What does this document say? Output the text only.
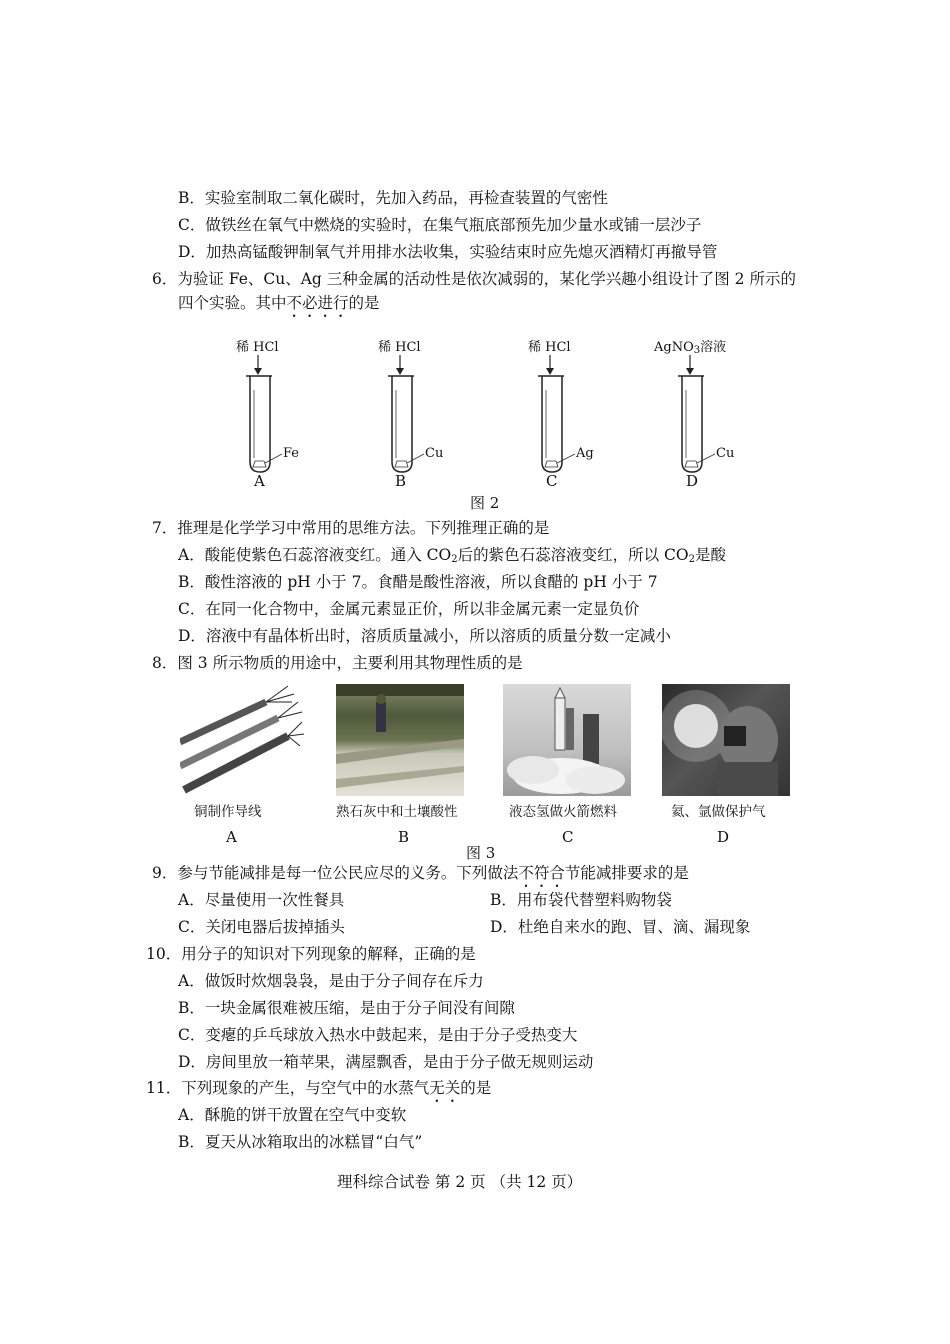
B．实验室制取二氧化碳时，先加入药品，再检查装置的气密性
C．做铁丝在氧气中燃烧的实验时，在集气瓶底部预先加少量水或铺一层沙子
D．加热高锰酸钾制氧气并用排水法收集，实验结束时应先熄灭酒精灯再撤导管
6．为验证 Fe、Cu、Ag 三种金属的活动性是依次减弱的，某化学兴趣小组设计了图 2 所示的
四个实验。其中不必进行的是
稀 HCl	稀 HCl	稀 HCl	AgNO$_3$溶液
Fe	Cu	Ag	Cu
A	B	C	D
图 2
7．推理是化学学习中常用的思维方法。下列推理正确的是
A．酸能使紫色石蕊溶液变红。通入 $CO_2$后的紫色石蕊溶液变红，所以 $CO_2$是酸
B．酸性溶液的 pH 小于 7。食醋是酸性溶液，所以食醋的 pH 小于 7
C．在同一化合物中，金属元素显正价，所以非金属元素一定显负价
D．溶液中有晶体析出时，溶质质量减小，所以溶质的质量分数一定减小
8．图 3 所示物质的用途中，主要利用其物理性质的是
铜制作导线	熟石灰中和土壤酸性	液态氢做火箭燃料	氦、氩做保护气
A	B	C	D
图 3
9．参与节能减排是每一位公民应尽的义务。下列做法不符合节能减排要求的是
A．尽量使用一次性餐具	B．用布袋代替塑料购物袋
C．关闭电器后拔掉插头	D．杜绝自来水的跑、冒、滴、漏现象
10．用分子的知识对下列现象的解释，正确的是
A．做饭时炊烟袅袅，是由于分子间存在斥力
B．一块金属很难被压缩，是由于分子间没有间隙
C．变瘪的乒乓球放入热水中鼓起来，是由于分子受热变大
D．房间里放一箱苹果，满屋飘香，是由于分子做无规则运动
11．下列现象的产生，与空气中的水蒸气无关的是
A．酥脆的饼干放置在空气中变软
B．夏天从冰箱取出的冰糕冒“白气”
理科综合试卷 第 2 页 （共 12 页）
